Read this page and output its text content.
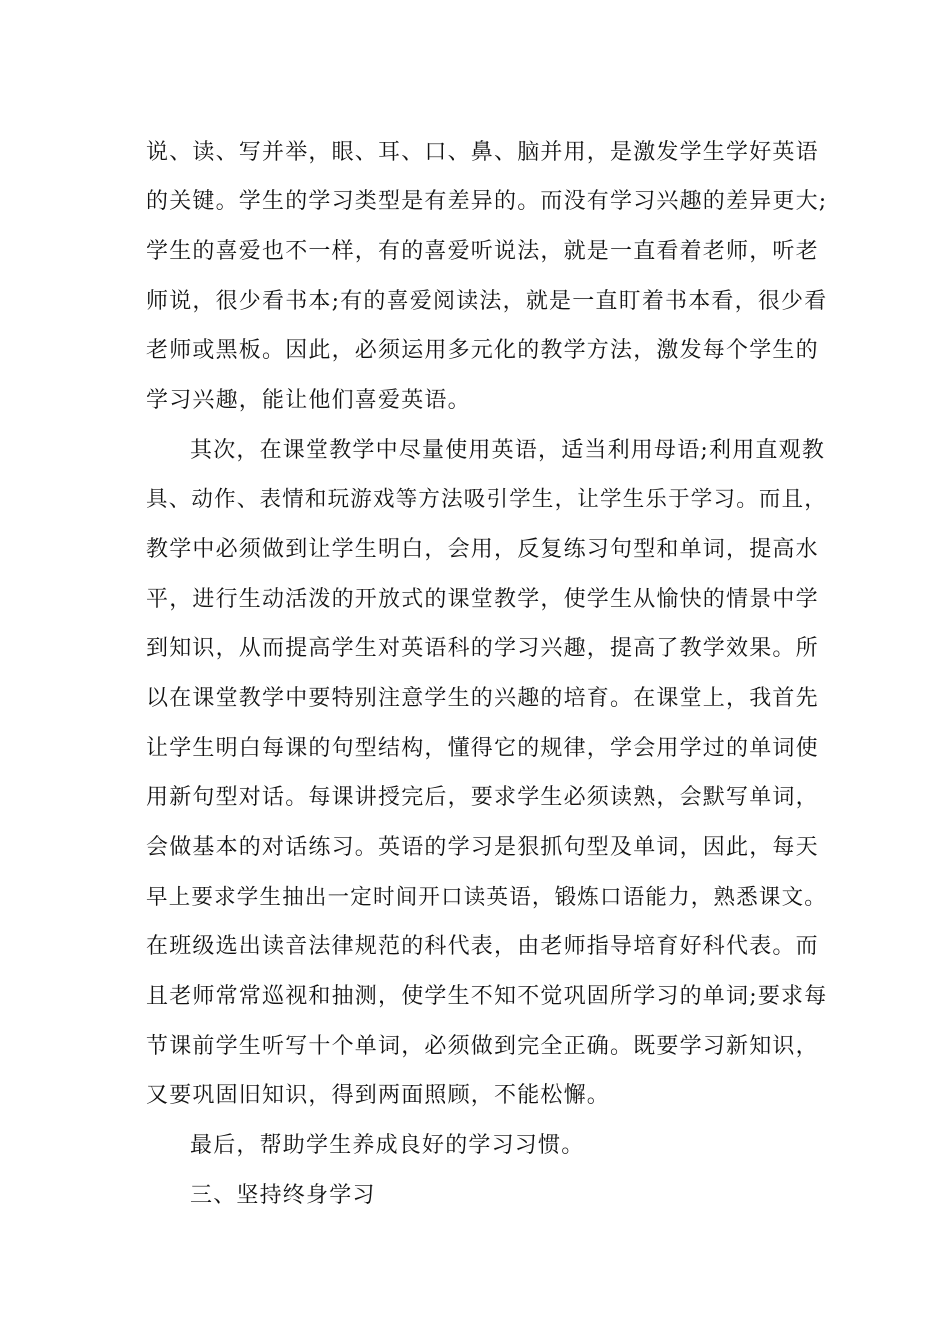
说、读、写并举，眼、耳、口、鼻、脑并用，是激发学生学好英语
的关键。学生的学习类型是有差异的。而没有学习兴趣的差异更大;
学生的喜爱也不一样，有的喜爱听说法，就是一直看着老师，听老
师说，很少看书本;有的喜爱阅读法，就是一直盯着书本看，很少看
老师或黑板。因此，必须运用多元化的教学方法，激发每个学生的
学习兴趣，能让他们喜爱英语。
其次，在课堂教学中尽量使用英语，适当利用母语;利用直观教
具、动作、表情和玩游戏等方法吸引学生，让学生乐于学习。而且，
教学中必须做到让学生明白，会用，反复练习句型和单词，提高水
平，进行生动活泼的开放式的课堂教学，使学生从愉快的情景中学
到知识，从而提高学生对英语科的学习兴趣，提高了教学效果。所
以在课堂教学中要特别注意学生的兴趣的培育。在课堂上，我首先
让学生明白每课的句型结构，懂得它的规律，学会用学过的单词使
用新句型对话。每课讲授完后，要求学生必须读熟，会默写单词，
会做基本的对话练习。英语的学习是狠抓句型及单词，因此，每天
早上要求学生抽出一定时间开口读英语，锻炼口语能力，熟悉课文。
在班级选出读音法律规范的科代表，由老师指导培育好科代表。而
且老师常常巡视和抽测，使学生不知不觉巩固所学习的单词;要求每
节课前学生听写十个单词，必须做到完全正确。既要学习新知识，
又要巩固旧知识，得到两面照顾，不能松懈。
最后，帮助学生养成良好的学习习惯。
三、坚持终身学习
